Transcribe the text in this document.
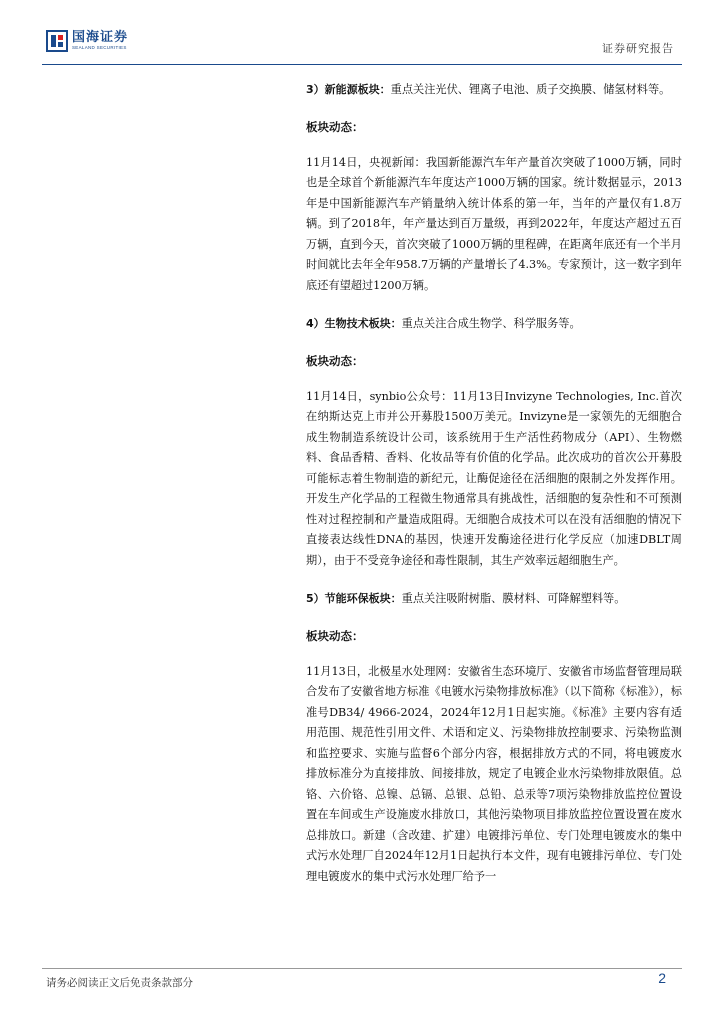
国海证券
SEALAND SECURITIES	证券研究报告

3）新能源板块：重点关注光伏、锂离子电池、质子交换膜、储氢材料等。

板块动态：

11月14日，央视新闻：我国新能源汽车年产量首次突破了1000万辆，同时也是全球首个新能源汽车年度达产1000万辆的国家。统计数据显示，2013年是中国新能源汽车产销量纳入统计体系的第一年，当年的产量仅有1.8万辆。到了2018年，年产量达到百万量级，再到2022年，年度达产超过五百万辆，直到今天，首次突破了1000万辆的里程碑，在距离年底还有一个半月时间就比去年全年958.7万辆的产量增长了4.3%。专家预计，这一数字到年底还有望超过1200万辆。

4）生物技术板块：重点关注合成生物学、科学服务等。

板块动态：

11月14日，synbio公众号：11月13日Invizyne Technologies, Inc.首次在纳斯达克上市并公开募股1500万美元。Invizyne是一家领先的无细胞合成生物制造系统设计公司，该系统用于生产活性药物成分（API）、生物燃料、食品香精、香料、化妆品等有价值的化学品。此次成功的首次公开募股可能标志着生物制造的新纪元，让酶促途径在活细胞的限制之外发挥作用。开发生产化学品的工程微生物通常具有挑战性，活细胞的复杂性和不可预测性对过程控制和产量造成阻碍。无细胞合成技术可以在没有活细胞的情况下直接表达线性DNA的基因，快速开发酶途径进行化学反应（加速DBLT周期），由于不受竞争途径和毒性限制，其生产效率远超细胞生产。

5）节能环保板块：重点关注吸附树脂、膜材料、可降解塑料等。

板块动态：

11月13日，北极星水处理网：安徽省生态环境厅、安徽省市场监督管理局联合发布了安徽省地方标准《电镀水污染物排放标准》（以下简称《标准》），标准号DB34/ 4966-2024，2024年12月1日起实施。《标准》主要内容有适用范围、规范性引用文件、术语和定义、污染物排放控制要求、污染物监测和监控要求、实施与监督6个部分内容，根据排放方式的不同，将电镀废水排放标准分为直接排放、间接排放，规定了电镀企业水污染物排放限值。总铬、六价铬、总镍、总镉、总银、总铅、总汞等7项污染物排放监控位置设置在车间或生产设施废水排放口，其他污染物项目排放监控位置设置在废水总排放口。新建（含改建、扩建）电镀排污单位、专门处理电镀废水的集中式污水处理厂自2024年12月1日起执行本文件，现有电镀排污单位、专门处理电镀废水的集中式污水处理厂给予一

请务必阅读正文后免责条款部分	2
